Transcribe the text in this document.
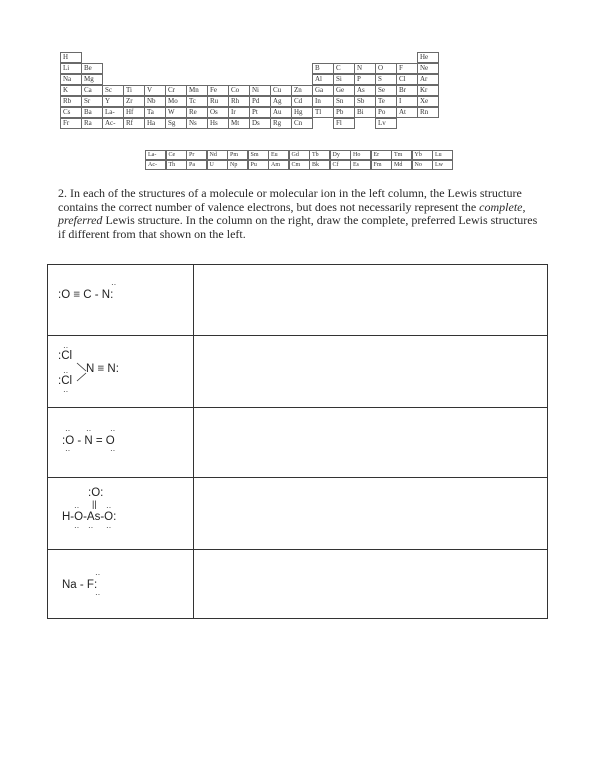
H	He
Li	Be	B	C	N	O	F	Ne
Na	Mg	Al	Si	P	S	Cl	Ar
K	Ca	Sc	Ti	V	Cr	Mn	Fe	Co	Ni	Cu	Zn	Ga	Ge	As	Se	Br	Kr
Rb	Sr	Y	Zr	Nb	Mo	Tc	Ru	Rh	Pd	Ag	Cd	In	Sn	Sb	Te	I	Xe
Cs	Ba	La-	Hf	Ta	W	Re	Os	Ir	Pt	Au	Hg	Tl	Pb	Bi	Po	At	Rn
Fr	Ra	Ac-	Rf	Ha	Sg	Ns	Hs	Mt	Ds	Rg	Cn	Fl	Lv
La-	Ce	Pr	Nd	Pm	Sm	Eu	Gd	Tb	Dy	Ho	Er	Tm	Yb	Lu
Ac-	Th	Pa	U	Np	Pu	Am	Cm	Bk	Cf	Es	Fm	Md	No	Lw
2. In each of the structures of a molecule or molecular ion in the left column, the Lewis structure contains the correct number of valence electrons, but does not necessarily represent the complete, preferred Lewis structure. In the column on the right, draw the complete, preferred Lewis structures if different from that shown on the left.
:O ≡ C - N:
··
··
:Cl
N ≡ N:
··
:Cl
··
·· ·· ··
:O - N = O
··	··
:O:
||
··	··
H-O-As-O:
·· ·· ··
··
Na - F:
··
